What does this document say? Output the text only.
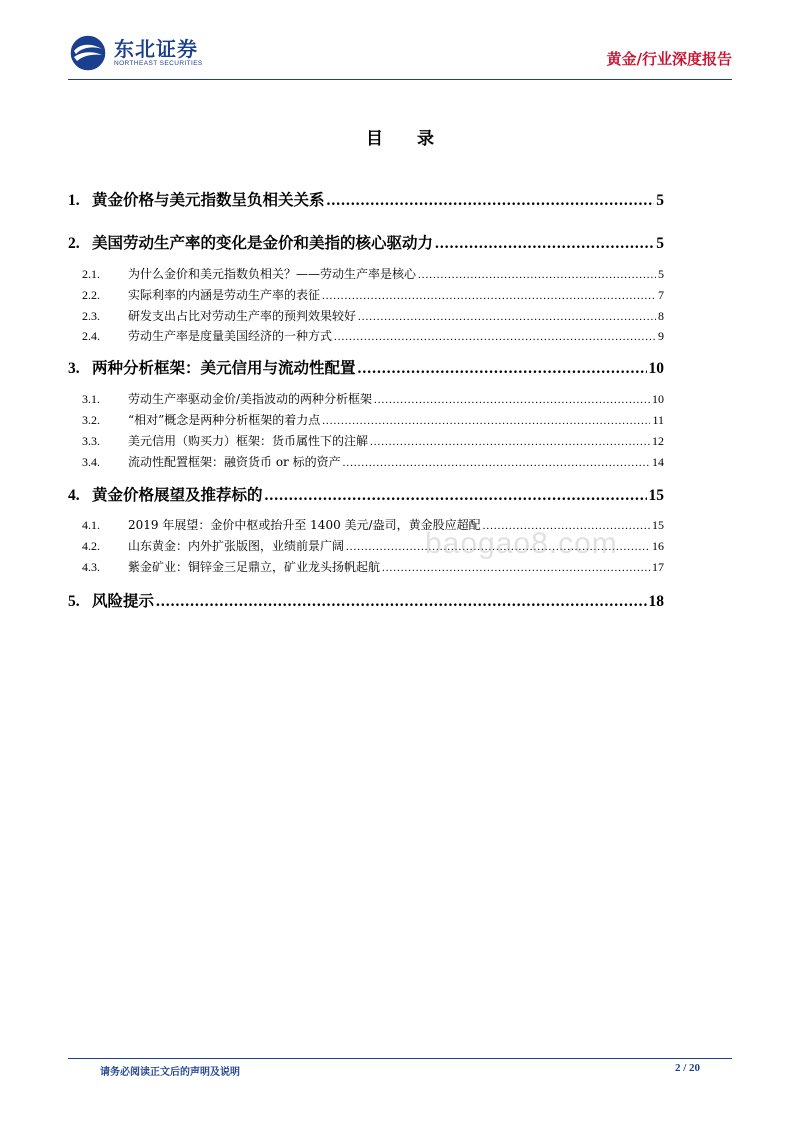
东北证券
NORTHEAST SECURITIES	黄金/行业深度报告
目 录
1. 黄金价格与美元指数呈负相关关系 .....	5
2. 美国劳动生产率的变化是金价和美指的核心驱动力 .....	5
2.1.	为什么金价和美元指数负相关？——劳动生产率是核心 .....	5
2.2.	实际利率的内涵是劳动生产率的表征 .....	7
2.3.	研发支出占比对劳动生产率的预判效果较好 .....	8
2.4.	劳动生产率是度量美国经济的一种方式 .....	9
3. 两种分析框架：美元信用与流动性配置 .....	10
3.1.	劳动生产率驱动金价/美指波动的两种分析框架 .....	10
3.2.	“相对”概念是两种分析框架的着力点 .....	11
3.3.	美元信用（购买力）框架：货币属性下的注解 .....	12
3.4.	流动性配置框架：融资货币 or 标的资产 .....	14
4. 黄金价格展望及推荐标的 .....	15
4.1.	2019 年展望：金价中枢或抬升至 1400 美元/盎司，黄金股应超配 .....	15
4.2.	山东黄金：内外扩张版图，业绩前景广阔 .....	16
4.3.	紫金矿业：铜锌金三足鼎立，矿业龙头扬帆起航 .....	17
5. 风险提示 .....	18
baogao8.com
请务必阅读正文后的声明及说明	2 / 20
